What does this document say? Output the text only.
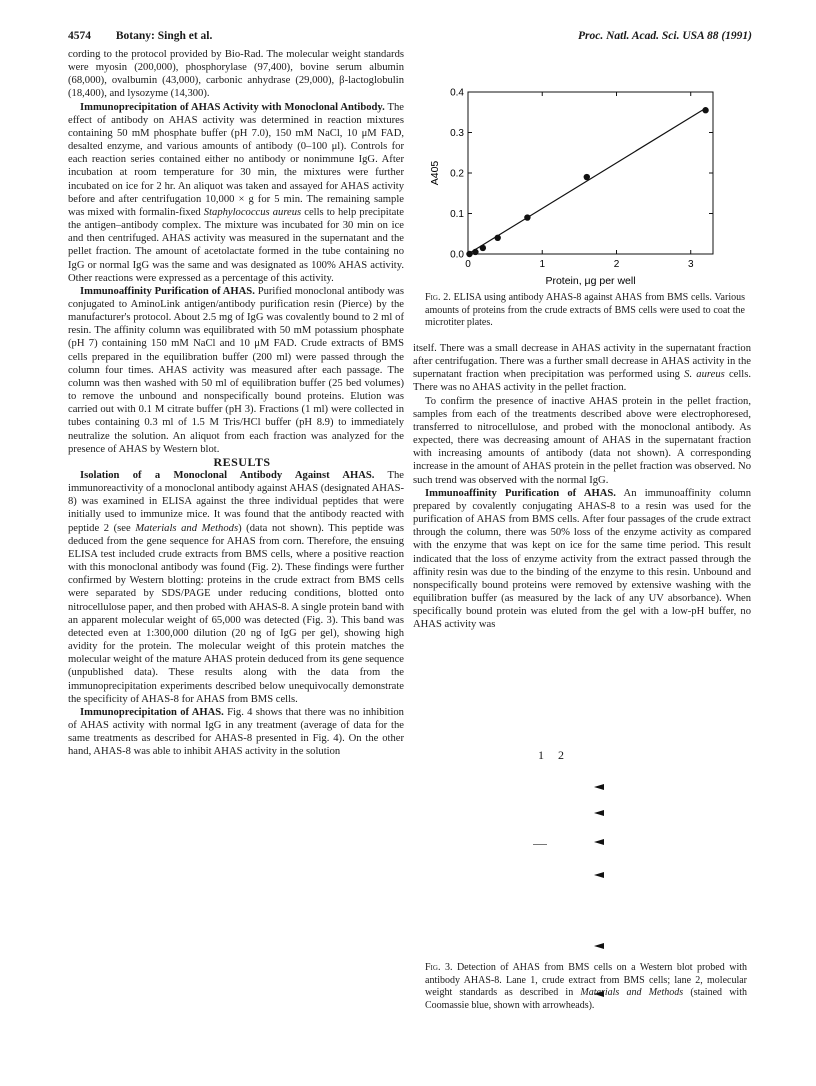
4574 Botany: Singh et al.	Proc. Natl. Acad. Sci. USA 88 (1991)

cording to the protocol provided by Bio-Rad. The molecular weight standards were myosin (200,000), phosphorylase (97,400), bovine serum albumin (68,000), ovalbumin (43,000), carbonic anhydrase (29,000), β-lactoglobulin (18,400), and lysozyme (14,300).

Immunoprecipitation of AHAS Activity with Monoclonal Antibody. The effect of antibody on AHAS activity was determined in reaction mixtures containing 50 mM phosphate buffer (pH 7.0), 150 mM NaCl, 10 μM FAD, desalted enzyme, and various amounts of antibody (0–100 μl). Controls for each reaction series contained either no antibody or nonimmune IgG. After incubation at room temperature for 30 min, the mixtures were further incubated on ice for 2 hr. An aliquot was taken and assayed for AHAS activity before and after centrifugation 10,000 × g for 5 min. The remaining sample was mixed with formalin-fixed Staphylococcus aureus cells to help precipitate the antigen–antibody complex. The mixture was incubated for 30 min on ice and then centrifuged. AHAS activity was measured in the supernatant and the pellet fraction. The amount of acetolactate formed in the tube containing no IgG or normal IgG was the same and was designated as 100% AHAS activity. Other reactions were expressed as a percentage of this activity.

Immunoaffinity Purification of AHAS. Purified monoclonal antibody was conjugated to AminoLink antigen/antibody purification resin (Pierce) by the manufacturer's protocol. About 2.5 mg of IgG was covalently bound to 2 ml of resin. The affinity column was equilibrated with 50 mM potassium phosphate (pH 7) containing 150 mM NaCl and 10 μM FAD. Crude extracts of BMS cells prepared in the equilibration buffer (200 ml) were passed through the column four times. AHAS activity was measured after each passage. The column was then washed with 50 ml of equilibration buffer (25 bed volumes) to remove the unbound and nonspecifically bound proteins. Elution was carried out with 0.1 M citrate buffer (pH 3). Fractions (1 ml) were collected in tubes containing 0.3 ml of 1.5 M Tris/HCl buffer (pH 8.9) to immediately neutralize the solution. An aliquot from each fraction was analyzed for the presence of AHAS by Western blot.

RESULTS

Isolation of a Monoclonal Antibody Against AHAS. The immunoreactivity of a monoclonal antibody against AHAS (designated AHAS-8) was examined in ELISA against the three individual peptides that were initially used to immunize mice. It was found that the antibody reacted with peptide 2 (see Materials and Methods) (data not shown). This peptide was deduced from the gene sequence for AHAS from corn. Therefore, the ensuing ELISA test included crude extracts from BMS cells, where a positive reaction with this monoclonal antibody was found (Fig. 2). These findings were further confirmed by Western blotting: proteins in the crude extract from BMS cells were separated by SDS/PAGE under reducing conditions, blotted onto nitrocellulose paper, and then probed with AHAS-8. A single protein band with an apparent molecular weight of 65,000 was detected (Fig. 3). This band was detected even at 1:300,000 dilution (20 ng of IgG per gel), showing high avidity for the protein. The molecular weight of this protein matches the molecular weight of the mature AHAS protein deduced from its gene sequence (unpublished data). These results along with the data from the immunoprecipitation experiments described below unequivocally demonstrate the specificity of AHAS-8 for AHAS from BMS cells.

Immunoprecipitation of AHAS. Fig. 4 shows that there was no inhibition of AHAS activity with normal IgG in any treatment (average of data for the same treatments as described for AHAS-8 presented in Fig. 4). On the other hand, AHAS-8 was able to inhibit AHAS activity in the solution

0.0
0.1
0.2
0.3
0.4
0	1	2	3
Protein, μg per well
A405
Fig. 2. ELISA using antibody AHAS-8 against AHAS from BMS cells. Various amounts of proteins from the crude extracts of BMS cells were used to coat the microtiter plates.

itself. There was a small decrease in AHAS activity in the supernatant fraction after centrifugation. There was a further small decrease in AHAS activity in the supernatant fraction when precipitation was performed using S. aureus cells. There was no AHAS activity in the pellet fraction.

To confirm the presence of inactive AHAS protein in the pellet fraction, samples from each of the treatments described above were electrophoresed, transferred to nitrocellulose, and probed with the monoclonal antibody. As expected, there was decreasing amount of AHAS in the supernatant fraction with increasing amounts of antibody (data not shown). A corresponding increase in the amount of AHAS protein in the pellet fraction was observed. No such trend was observed with the normal IgG.

Immunoaffinity Purification of AHAS. An immunoaffinity column prepared by covalently conjugating AHAS-8 to a resin was used for the purification of AHAS from BMS cells. After four passages of the crude extract through the column, there was 50% loss of the enzyme activity as compared with the enzyme that was kept on ice for the same time period. This result indicated that the loss of enzyme activity from the extract passed through the affinity resin was due to the binding of the enzyme to this resin. Unbound and nonspecifically bound proteins were removed by extensive washing with the equilibration buffer (as measured by the lack of any UV absorbance). When specifically bound protein was eluted from the gel with a low-pH buffer, no AHAS activity was

1 2
Fig. 3. Detection of AHAS from BMS cells on a Western blot probed with antibody AHAS-8. Lane 1, crude extract from BMS cells; lane 2, molecular weight standards as described in Materials and Methods (stained with Coomassie blue, shown with arrowheads).
